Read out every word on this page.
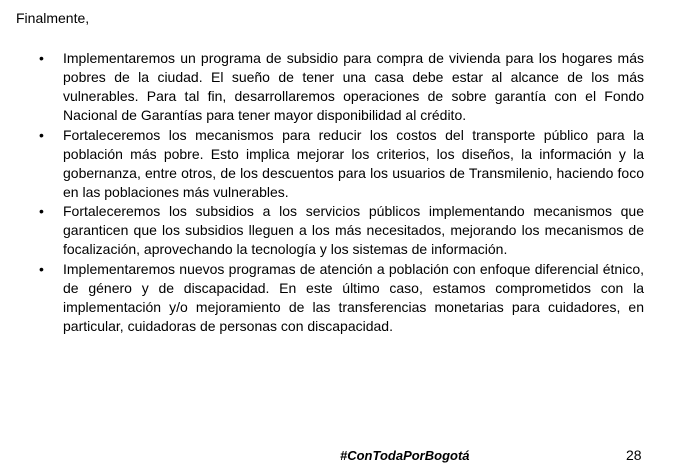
Finalmente,

• Implementaremos un programa de subsidio para compra de vivienda para los hogares más pobres de la ciudad. El sueño de tener una casa debe estar al alcance de los más vulnerables. Para tal fin, desarrollaremos operaciones de sobre garantía con el Fondo Nacional de Garantías para tener mayor disponibilidad al crédito.
• Fortaleceremos los mecanismos para reducir los costos del transporte público para la población más pobre. Esto implica mejorar los criterios, los diseños, la información y la gobernanza, entre otros, de los descuentos para los usuarios de Transmilenio, haciendo foco en las poblaciones más vulnerables.
• Fortaleceremos los subsidios a los servicios públicos implementando mecanismos que garanticen que los subsidios lleguen a los más necesitados, mejorando los mecanismos de focalización, aprovechando la tecnología y los sistemas de información.
• Implementaremos nuevos programas de atención a población con enfoque diferencial étnico, de género y de discapacidad. En este último caso, estamos comprometidos con la implementación y/o mejoramiento de las transferencias monetarias para cuidadores, en particular, cuidadoras de personas con discapacidad.
#ConTodaPorBogotá	28
